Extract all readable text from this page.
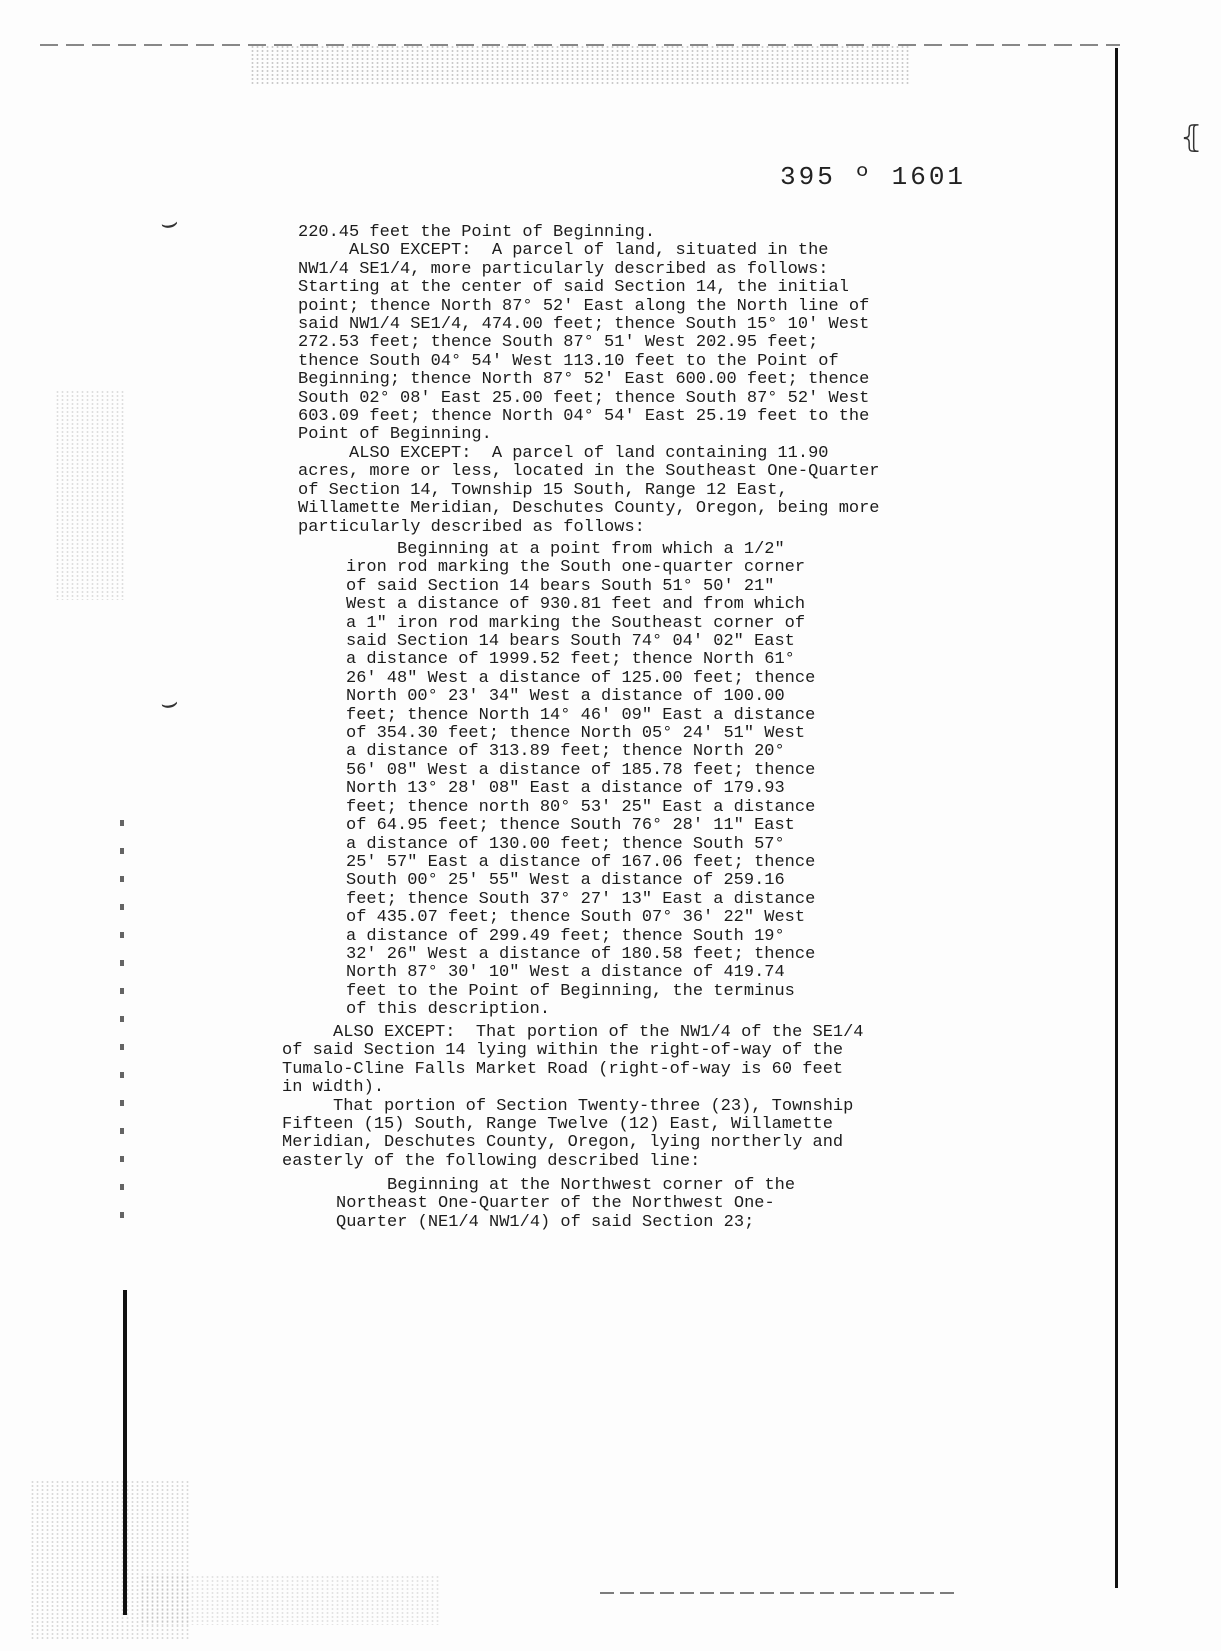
⌣
⌣
⦃
395 º 1601
220.45 feet the Point of Beginning.
ALSO EXCEPT:  A parcel of land, situated in the
NW1/4 SE1/4, more particularly described as follows:
Starting at the center of said Section 14, the initial
point; thence North 87° 52' East along the North line of
said NW1/4 SE1/4, 474.00 feet; thence South 15° 10' West
272.53 feet; thence South 87° 51' West 202.95 feet;
thence South 04° 54' West 113.10 feet to the Point of
Beginning; thence North 87° 52' East 600.00 feet; thence
South 02° 08' East 25.00 feet; thence South 87° 52' West
603.09 feet; thence North 04° 54' East 25.19 feet to the
Point of Beginning.
ALSO EXCEPT:  A parcel of land containing 11.90
acres, more or less, located in the Southeast One-Quarter
of Section 14, Township 15 South, Range 12 East,
Willamette Meridian, Deschutes County, Oregon, being more
particularly described as follows:
Beginning at a point from which a 1/2"
iron rod marking the South one-quarter corner
of said Section 14 bears South 51° 50' 21"
West a distance of 930.81 feet and from which
a 1" iron rod marking the Southeast corner of
said Section 14 bears South 74° 04' 02" East
a distance of 1999.52 feet; thence North 61°
26' 48" West a distance of 125.00 feet; thence
North 00° 23' 34" West a distance of 100.00
feet; thence North 14° 46' 09" East a distance
of 354.30 feet; thence North 05° 24' 51" West
a distance of 313.89 feet; thence North 20°
56' 08" West a distance of 185.78 feet; thence
North 13° 28' 08" East a distance of 179.93
feet; thence north 80° 53' 25" East a distance
of 64.95 feet; thence South 76° 28' 11" East
a distance of 130.00 feet; thence South 57°
25' 57" East a distance of 167.06 feet; thence
South 00° 25' 55" West a distance of 259.16
feet; thence South 37° 27' 13" East a distance
of 435.07 feet; thence South 07° 36' 22" West
a distance of 299.49 feet; thence South 19°
32' 26" West a distance of 180.58 feet; thence
North 87° 30' 10" West a distance of 419.74
feet to the Point of Beginning, the terminus
of this description.
ALSO EXCEPT:  That portion of the NW1/4 of the SE1/4
of said Section 14 lying within the right-of-way of the
Tumalo-Cline Falls Market Road (right-of-way is 60 feet
in width).
That portion of Section Twenty-three (23), Township
Fifteen (15) South, Range Twelve (12) East, Willamette
Meridian, Deschutes County, Oregon, lying northerly and
easterly of the following described line:
Beginning at the Northwest corner of the
Northeast One-Quarter of the Northwest One-
Quarter (NE1/4 NW1/4) of said Section 23;
